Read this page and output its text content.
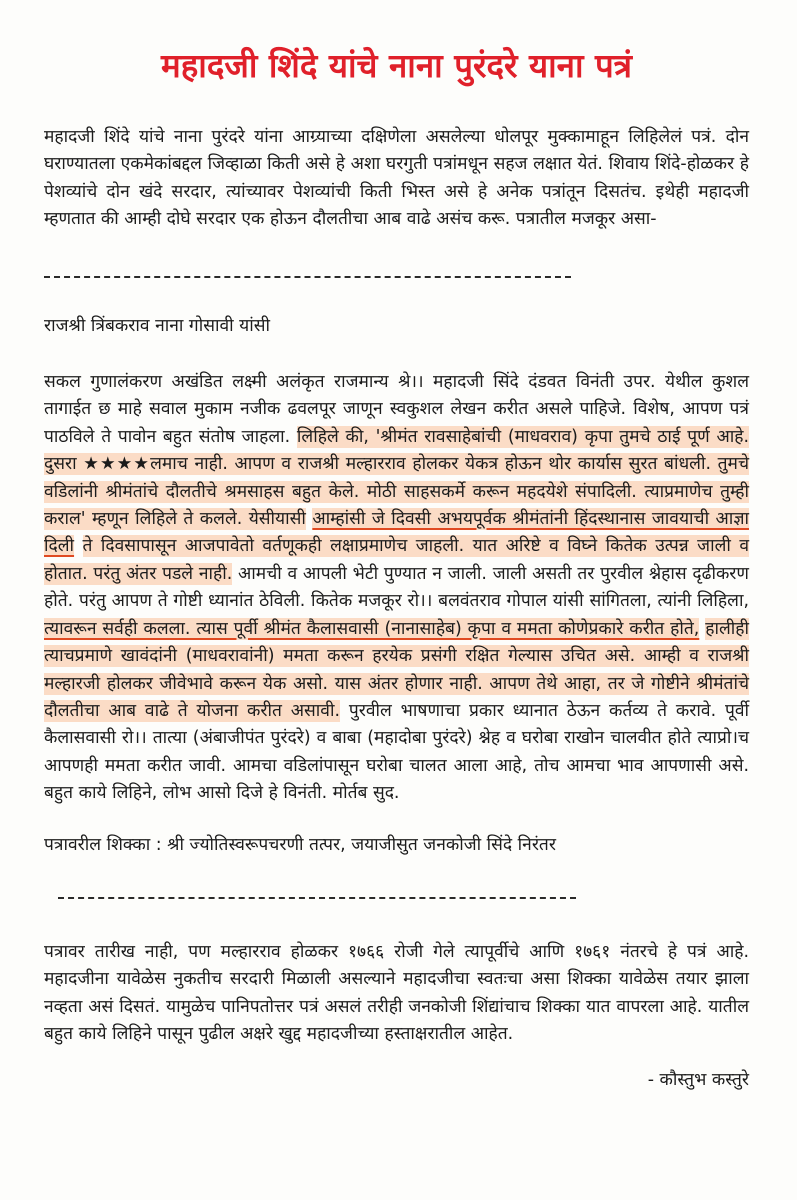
महादजी शिंदे यांचे नाना पुरंदरे याना पत्रं

महादजी शिंदे यांचे नाना पुरंदरे यांना आग्र्याच्या दक्षिणेला असलेल्या धोलपूर मुक्कामाहून लिहिलेलं पत्रं. दोन घराण्यातला एकमेकांबद्दल जिव्हाळा किती असे हे अशा घरगुती पत्रांमधून सहज लक्षात येतं. शिवाय शिंदे-होळकर हे पेशव्यांचे दोन खंदे सरदार, त्यांच्यावर पेशव्यांची किती भिस्त असे हे अनेक पत्रांतून दिसतंच. इथेही महादजी म्हणतात की आम्ही दोघे सरदार एक होऊन दौलतीचा आब वाढे असंच करू. पत्रातील मजकूर असा-

राजश्री त्रिंबकराव नाना गोसावी यांसी

सकल गुणालंकरण अखंडित लक्ष्मी अलंकृत राजमान्य श्रे।। महादजी सिंदे दंडवत विनंती उपर. येथील कुशल तागाईत छ माहे सवाल मुकाम नजीक ढवलपूर जाणून स्वकुशल लेखन करीत असले पाहिजे. विशेष, आपण पत्रं पाठविले ते पावोन बहुत संतोष जाहला. लिहिले की, 'श्रीमंत रावसाहेबांची (माधवराव) कृपा तुमचे ठाई पूर्ण आहे. दुसरा ★★★★लमाच नाही. आपण व राजश्री मल्हारराव होलकर येकत्र होऊन थोर कार्यास सुरत बांधली. तुमचे वडिलांनी श्रीमंतांचे दौलतीचे श्रमसाहस बहुत केले. मोठी साहसकर्मे करून महदयेशे संपादिली. त्याप्रमाणेच तुम्ही कराल' म्हणून लिहिले ते कलले. येसीयासी आम्हांसी जे दिवसी अभयपूर्वक श्रीमंतांनी हिंदस्थानास जावयाची आज्ञा दिली ते दिवसापासून आजपावेतो वर्तणूकही लक्षाप्रमाणेच जाहली. यात अरिष्टे व विघ्ने कितेक उत्पन्न जाली व होतात. परंतु अंतर पडले नाही. आमची व आपली भेटी पुण्यात न जाली. जाली असती तर पुरवील श्नेहास दृढीकरण होते. परंतु आपण ते गोष्टी ध्यानांत ठेविली. कितेक मजकूर रो।। बलवंतराव गोपाल यांसी सांगितला, त्यांनी लिहिला, त्यावरून सर्वही कलला. त्यास पूर्वी श्रीमंत कैलासवासी (नानासाहेब) कृपा व ममता कोणेप्रकारे करीत होते, हालीही त्याचप्रमाणे खावंदांनी (माधवरावांनी) ममता करून हरयेक प्रसंगी रक्षित गेल्यास उचित असे. आम्ही व राजश्री मल्हारजी होलकर जीवेभावे करून येक असो. यास अंतर होणार नाही. आपण तेथे आहा, तर जे गोष्टीने श्रीमंतांचे दौलतीचा आब वाढे ते योजना करीत असावी. पुरवील भाषणाचा प्रकार ध्यानात ठेऊन कर्तव्य ते करावे. पूर्वी कैलासवासी रो।। तात्या (अंबाजीपंत पुरंदरे) व बाबा (महादोबा पुरंदरे) श्नेह व घरोबा राखोन चालवीत होते त्याप्रो।च आपणही ममता करीत जावी. आमचा वडिलांपासून घरोबा चालत आला आहे, तोच आमचा भाव आपणासी असे. बहुत काये लिहिने, लोभ आसो दिजे हे विनंती. मोर्तब सुद.

पत्रावरील शिक्का : श्री ज्योतिस्वरूपचरणी तत्पर, जयाजीसुत जनकोजी सिंदे निरंतर

पत्रावर तारीख नाही, पण मल्हारराव होळकर १७६६ रोजी गेले त्यापूर्वीचे आणि १७६१ नंतरचे हे पत्रं आहे. महादजीना यावेळेस नुकतीच सरदारी मिळाली असल्याने महादजीचा स्वतःचा असा शिक्का यावेळेस तयार झाला नव्हता असं दिसतं. यामुळेच पानिपतोत्तर पत्रं असलं तरीही जनकोजी शिंद्यांचाच शिक्का यात वापरला आहे. यातील बहुत काये लिहिने पासून पुढील अक्षरे खुद्द महादजीच्या हस्ताक्षरातील आहेत.

- कौस्तुभ कस्तुरे
